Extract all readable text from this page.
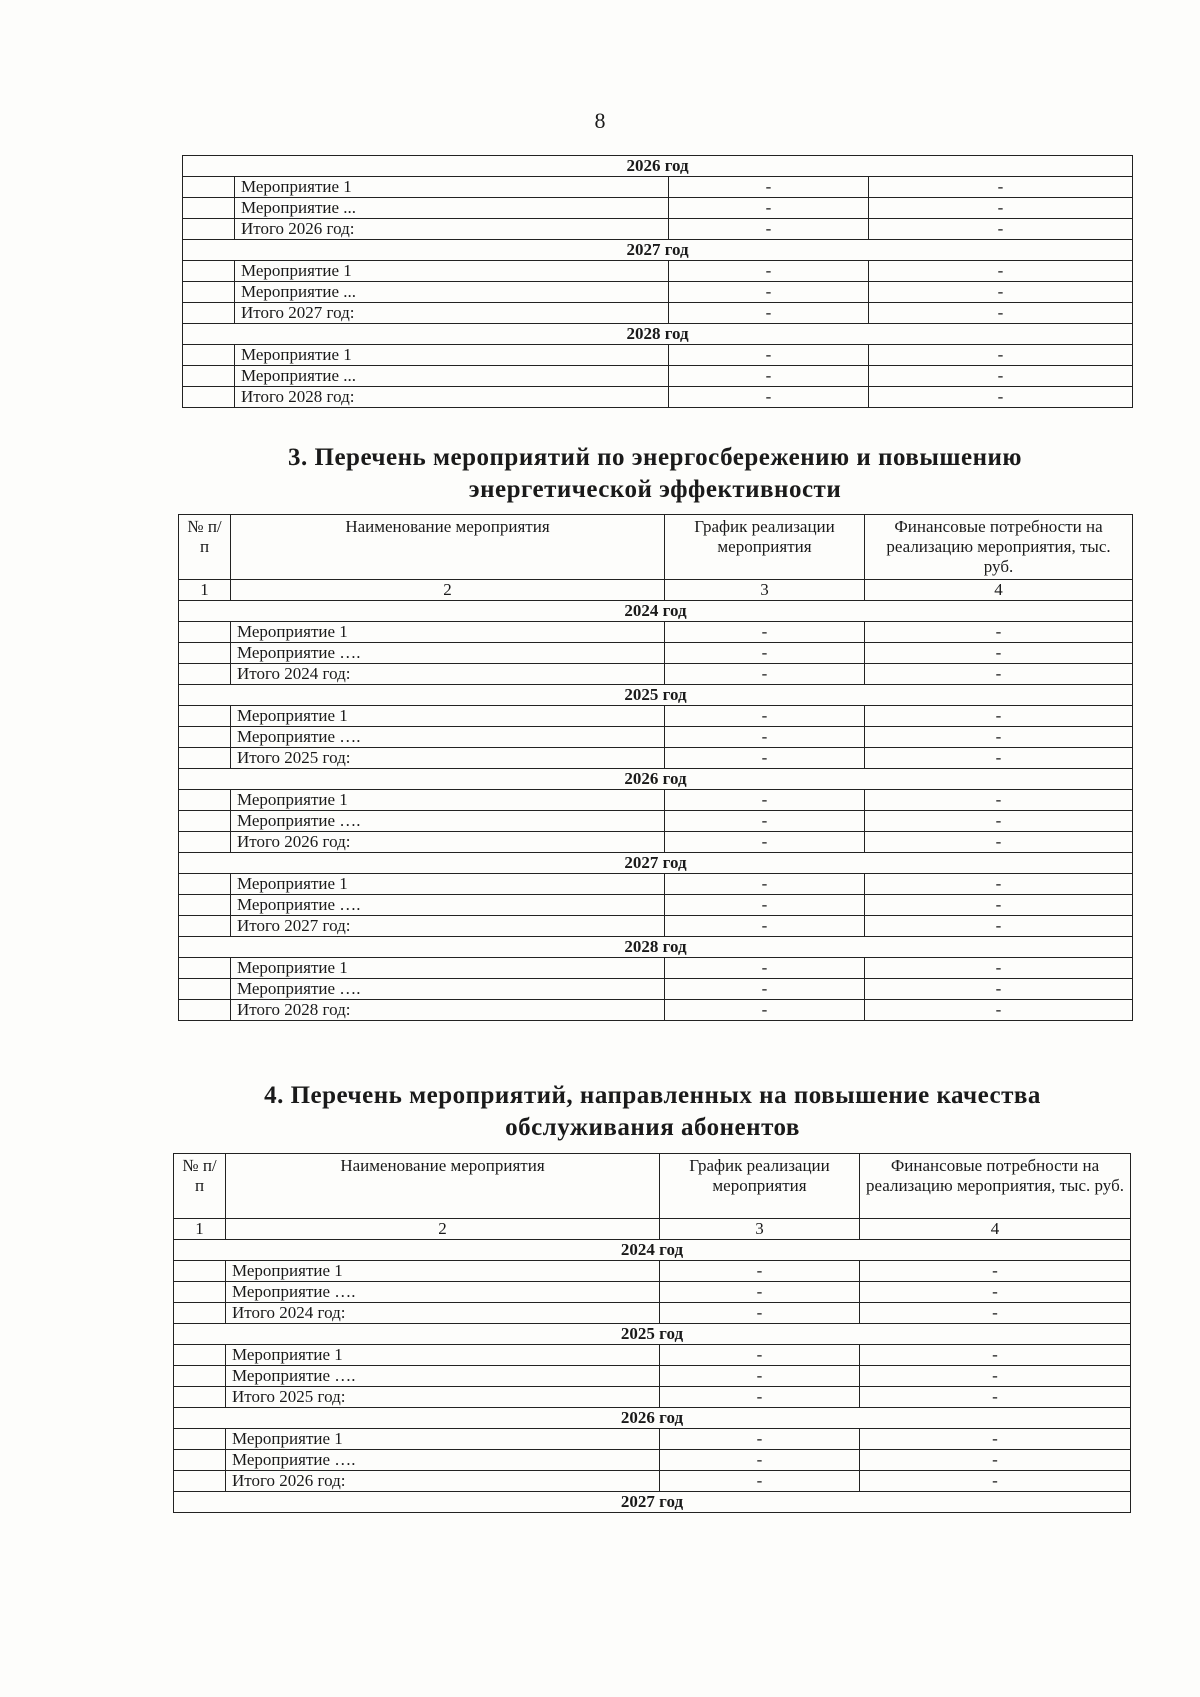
8
2026 год			
	Мероприятие 1	-	-
	Мероприятие ...	-	-
	Итого 2026 год:	-	-
2027 год			
	Мероприятие 1	-	-
	Мероприятие ...	-	-
	Итого 2027 год:	-	-
2028 год			
	Мероприятие 1	-	-
	Мероприятие ...	-	-
	Итого 2028 год:	-	-
3. Перечень мероприятий по энергосбережению и повышению
энергетической эффективности
№ п/п	Наименование мероприятия	График реализации мероприятия	Финансовые потребности на реализацию мероприятия, тыс. руб.
1	2	3	4
2024 год			
	Мероприятие 1	-	-
	Мероприятие ….	-	-
	Итого 2024 год:	-	-
2025 год			
	Мероприятие 1	-	-
	Мероприятие ….	-	-
	Итого 2025 год:	-	-
2026 год			
	Мероприятие 1	-	-
	Мероприятие ….	-	-
	Итого 2026 год:	-	-
2027 год			
	Мероприятие 1	-	-
	Мероприятие ….	-	-
	Итого 2027 год:	-	-
2028 год			
	Мероприятие 1	-	-
	Мероприятие ….	-	-
	Итого 2028 год:	-	-
4. Перечень мероприятий, направленных на повышение качества
обслуживания абонентов
№ п/п	Наименование мероприятия	График реализации мероприятия	Финансовые потребности на реализацию мероприятия, тыс. руб.
1	2	3	4
2024 год			
	Мероприятие 1	-	-
	Мероприятие ….	-	-
	Итого 2024 год:	-	-
2025 год			
	Мероприятие 1	-	-
	Мероприятие ….	-	-
	Итого 2025 год:	-	-
2026 год			
	Мероприятие 1	-	-
	Мероприятие ….	-	-
	Итого 2026 год:	-	-
2027 год			
